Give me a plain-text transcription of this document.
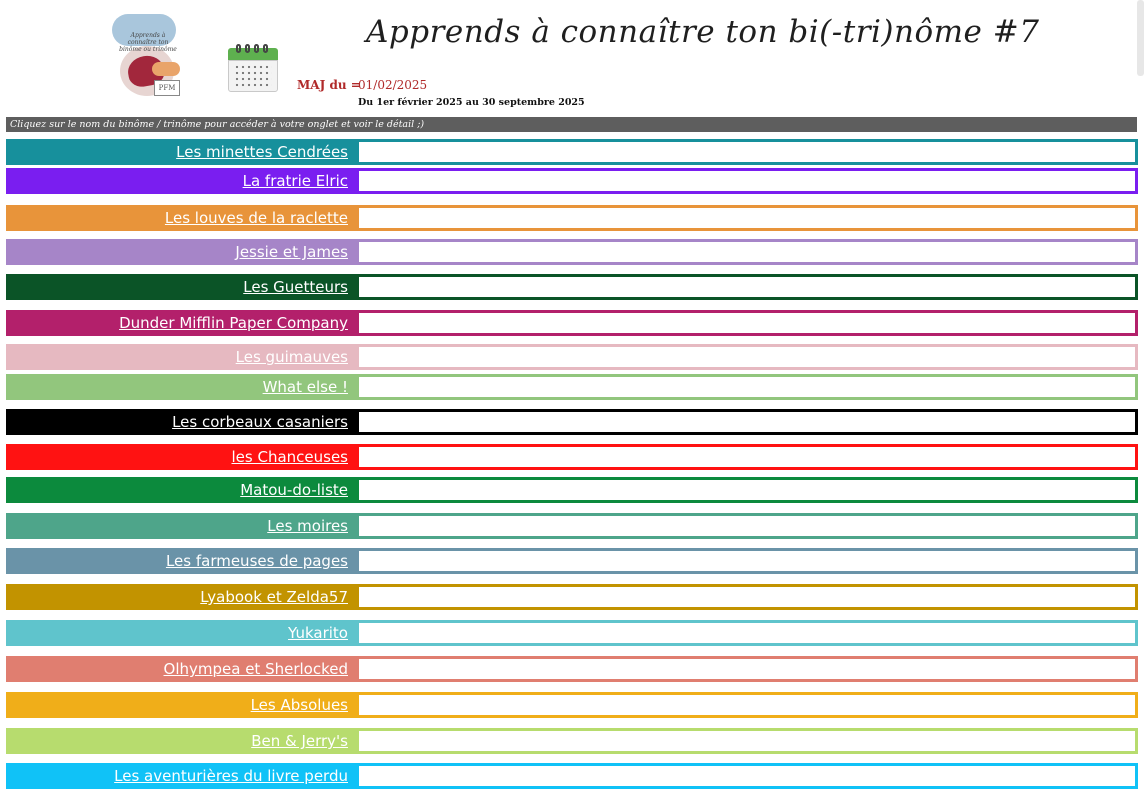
Apprends à connaître ton binôme ou trinôme
PFM
Apprends à connaître ton bi(-tri)nôme #7
MAJ du =
01/02/2025
Du 1er février 2025 au 30 septembre 2025
Cliquez sur le nom du binôme / trinôme pour accéder à votre onglet et voir le détail ;)
Les minettes Cendrées
La fratrie Elric
Les louves de la raclette
Jessie et James
Les Guetteurs
Dunder Mifflin Paper Company
Les guimauves
What else !
Les corbeaux casaniers
les Chanceuses
Matou-do-liste
Les moires
Les farmeuses de pages
Lyabook et Zelda57
Yukarito
Olhympea et Sherlocked
Les Absolues
Ben & Jerry's
Les aventurières du livre perdu
